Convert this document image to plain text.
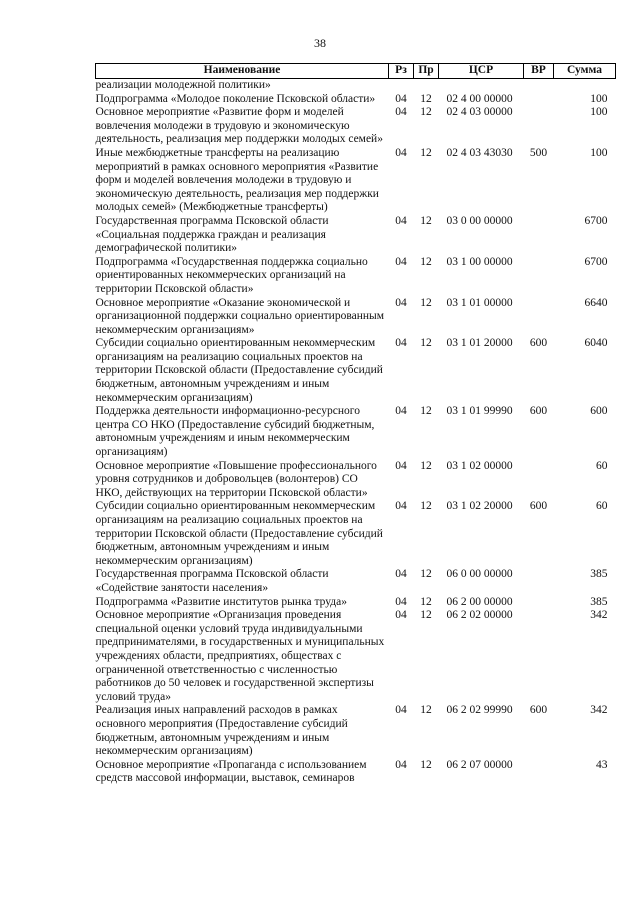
38
Наименование	Рз	Пр	ЦСР	ВР	Сумма
реализации молодежной политики»					
Подпрограмма «Молодое поколение Псковской области»	04	12	02 4 00 00000		100
Основное мероприятие «Развитие форм и моделей вовлечения молодежи в трудовую и экономическую деятельность, реализация мер поддержки молодых семей»	04	12	02 4 03 00000		100
Иные межбюджетные трансферты на реализацию мероприятий в рамках основного мероприятия «Развитие форм и моделей вовлечения молодежи в трудовую и экономическую деятельность, реализация мер поддержки молодых семей» (Межбюджетные трансферты)	04	12	02 4 03 43030	500	100
Государственная программа Псковской области «Социальная поддержка граждан и реализация демографической политики»	04	12	03 0 00 00000		6700
Подпрограмма «Государственная поддержка социально ориентированных некоммерческих организаций на территории Псковской области»	04	12	03 1 00 00000		6700
Основное мероприятие «Оказание экономической и организационной поддержки социально ориентированным некоммерческим организациям»	04	12	03 1 01 00000		6640
Субсидии социально ориентированным некоммерческим организациям на реализацию социальных проектов на территории Псковской области (Предоставление субсидий бюджетным, автономным учреждениям и иным некоммерческим организациям)	04	12	03 1 01 20000	600	6040
Поддержка деятельности информационно-ресурсного центра СО НКО (Предоставление субсидий бюджетным, автономным учреждениям и иным некоммерческим организациям)	04	12	03 1 01 99990	600	600
Основное мероприятие «Повышение профессионального уровня сотрудников и добровольцев (волонтеров) СО НКО, действующих на территории Псковской области»	04	12	03 1 02 00000		60
Субсидии социально ориентированным некоммерческим организациям на реализацию социальных проектов на территории Псковской области (Предоставление субсидий бюджетным, автономным учреждениям и иным некоммерческим организациям)	04	12	03 1 02 20000	600	60
Государственная программа Псковской области «Содействие занятости населения»	04	12	06 0 00 00000		385
Подпрограмма «Развитие институтов рынка труда»	04	12	06 2 00 00000		385
Основное мероприятие «Организация проведения специальной оценки условий труда индивидуальными предпринимателями, в государственных и муниципальных учреждениях области, предприятиях, обществах с ограниченной ответственностью с численностью работников до 50 человек и государственной экспертизы условий труда»	04	12	06 2 02 00000		342
Реализация иных направлений расходов в рамках основного мероприятия (Предоставление субсидий бюджетным, автономным учреждениям и иным некоммерческим организациям)	04	12	06 2 02 99990	600	342
Основное мероприятие «Пропаганда с использованием средств массовой информации, выставок, семинаров	04	12	06 2 07 00000		43
